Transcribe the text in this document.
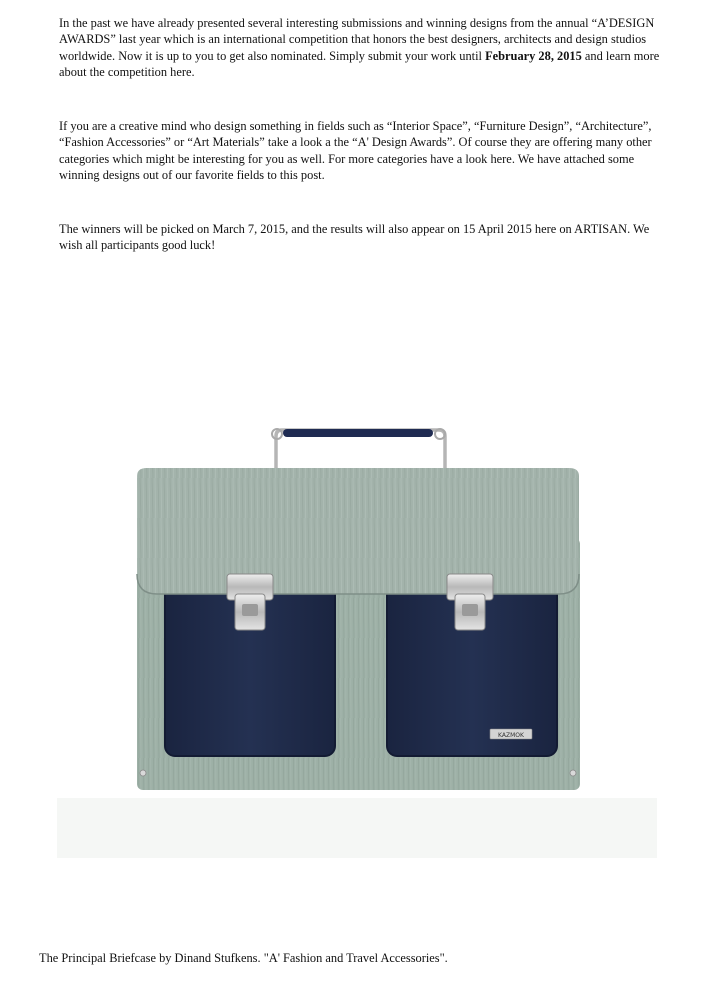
In the past we have already presented several interesting submissions and winning designs from the annual “A’DESIGN AWARDS” last year which is an international competition that honors the best designers, architects and design studios worldwide. Now it is up to you to get also nominated. Simply submit your work until February 28, 2015 and learn more about the competition here.

If you are a creative mind who design something in fields such as “Interior Space”, “Furniture Design”, “Architecture”, “Fashion Accessories” or “Art Materials” take a look a the “A' Design Awards”. Of course they are offering many other categories which might be interesting for you as well. For more categories have a look here. We have attached some winning designs out of our favorite fields to this post.

The winners will be picked on March 7, 2015, and the results will also appear on 15 April 2015 here on ARTISAN. We wish all participants good luck!

KAZMOK

The Principal Briefcase by Dinand Stufkens. "A' Fashion and Travel Accessories".
